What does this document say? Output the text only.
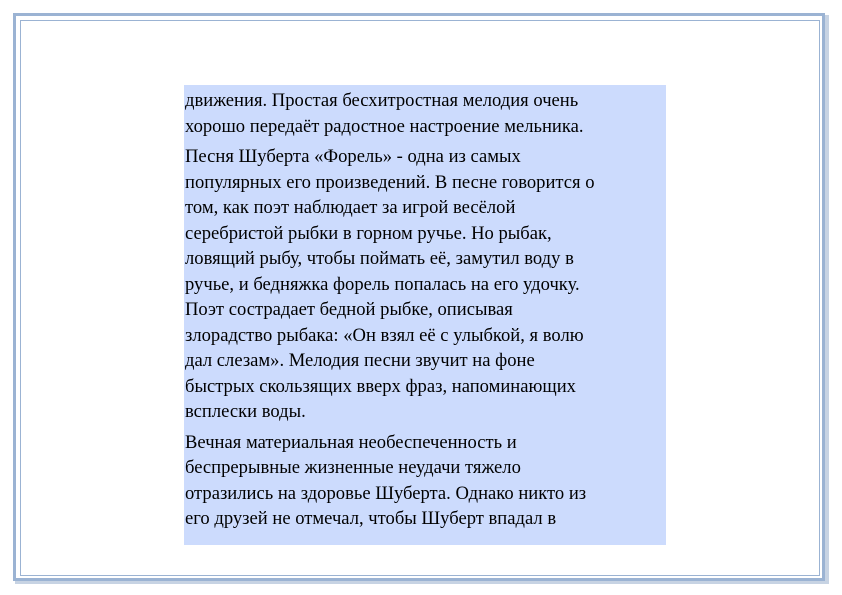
движения. Простая бесхитростная мелодия очень
хорошо передаёт радостное настроение мельника.

Песня Шуберта «Форель» - одна из самых
популярных его произведений. В песне говорится о
том, как поэт наблюдает за игрой весёлой
серебристой рыбки в горном ручье. Но рыбак,
ловящий рыбу, чтобы поймать её, замутил воду в
ручье, и бедняжка форель попалась на его удочку.
Поэт сострадает бедной рыбке, описывая
злорадство рыбака: «Он взял её с улыбкой, я волю
дал слезам». Мелодия песни звучит на фоне
быстрых скользящих вверх фраз, напоминающих
всплески воды.

Вечная материальная необеспеченность и
беспрерывные жизненные неудачи тяжело
отразились на здоровье Шуберта. Однако никто из
его друзей не отмечал, чтобы Шуберт впадал в
